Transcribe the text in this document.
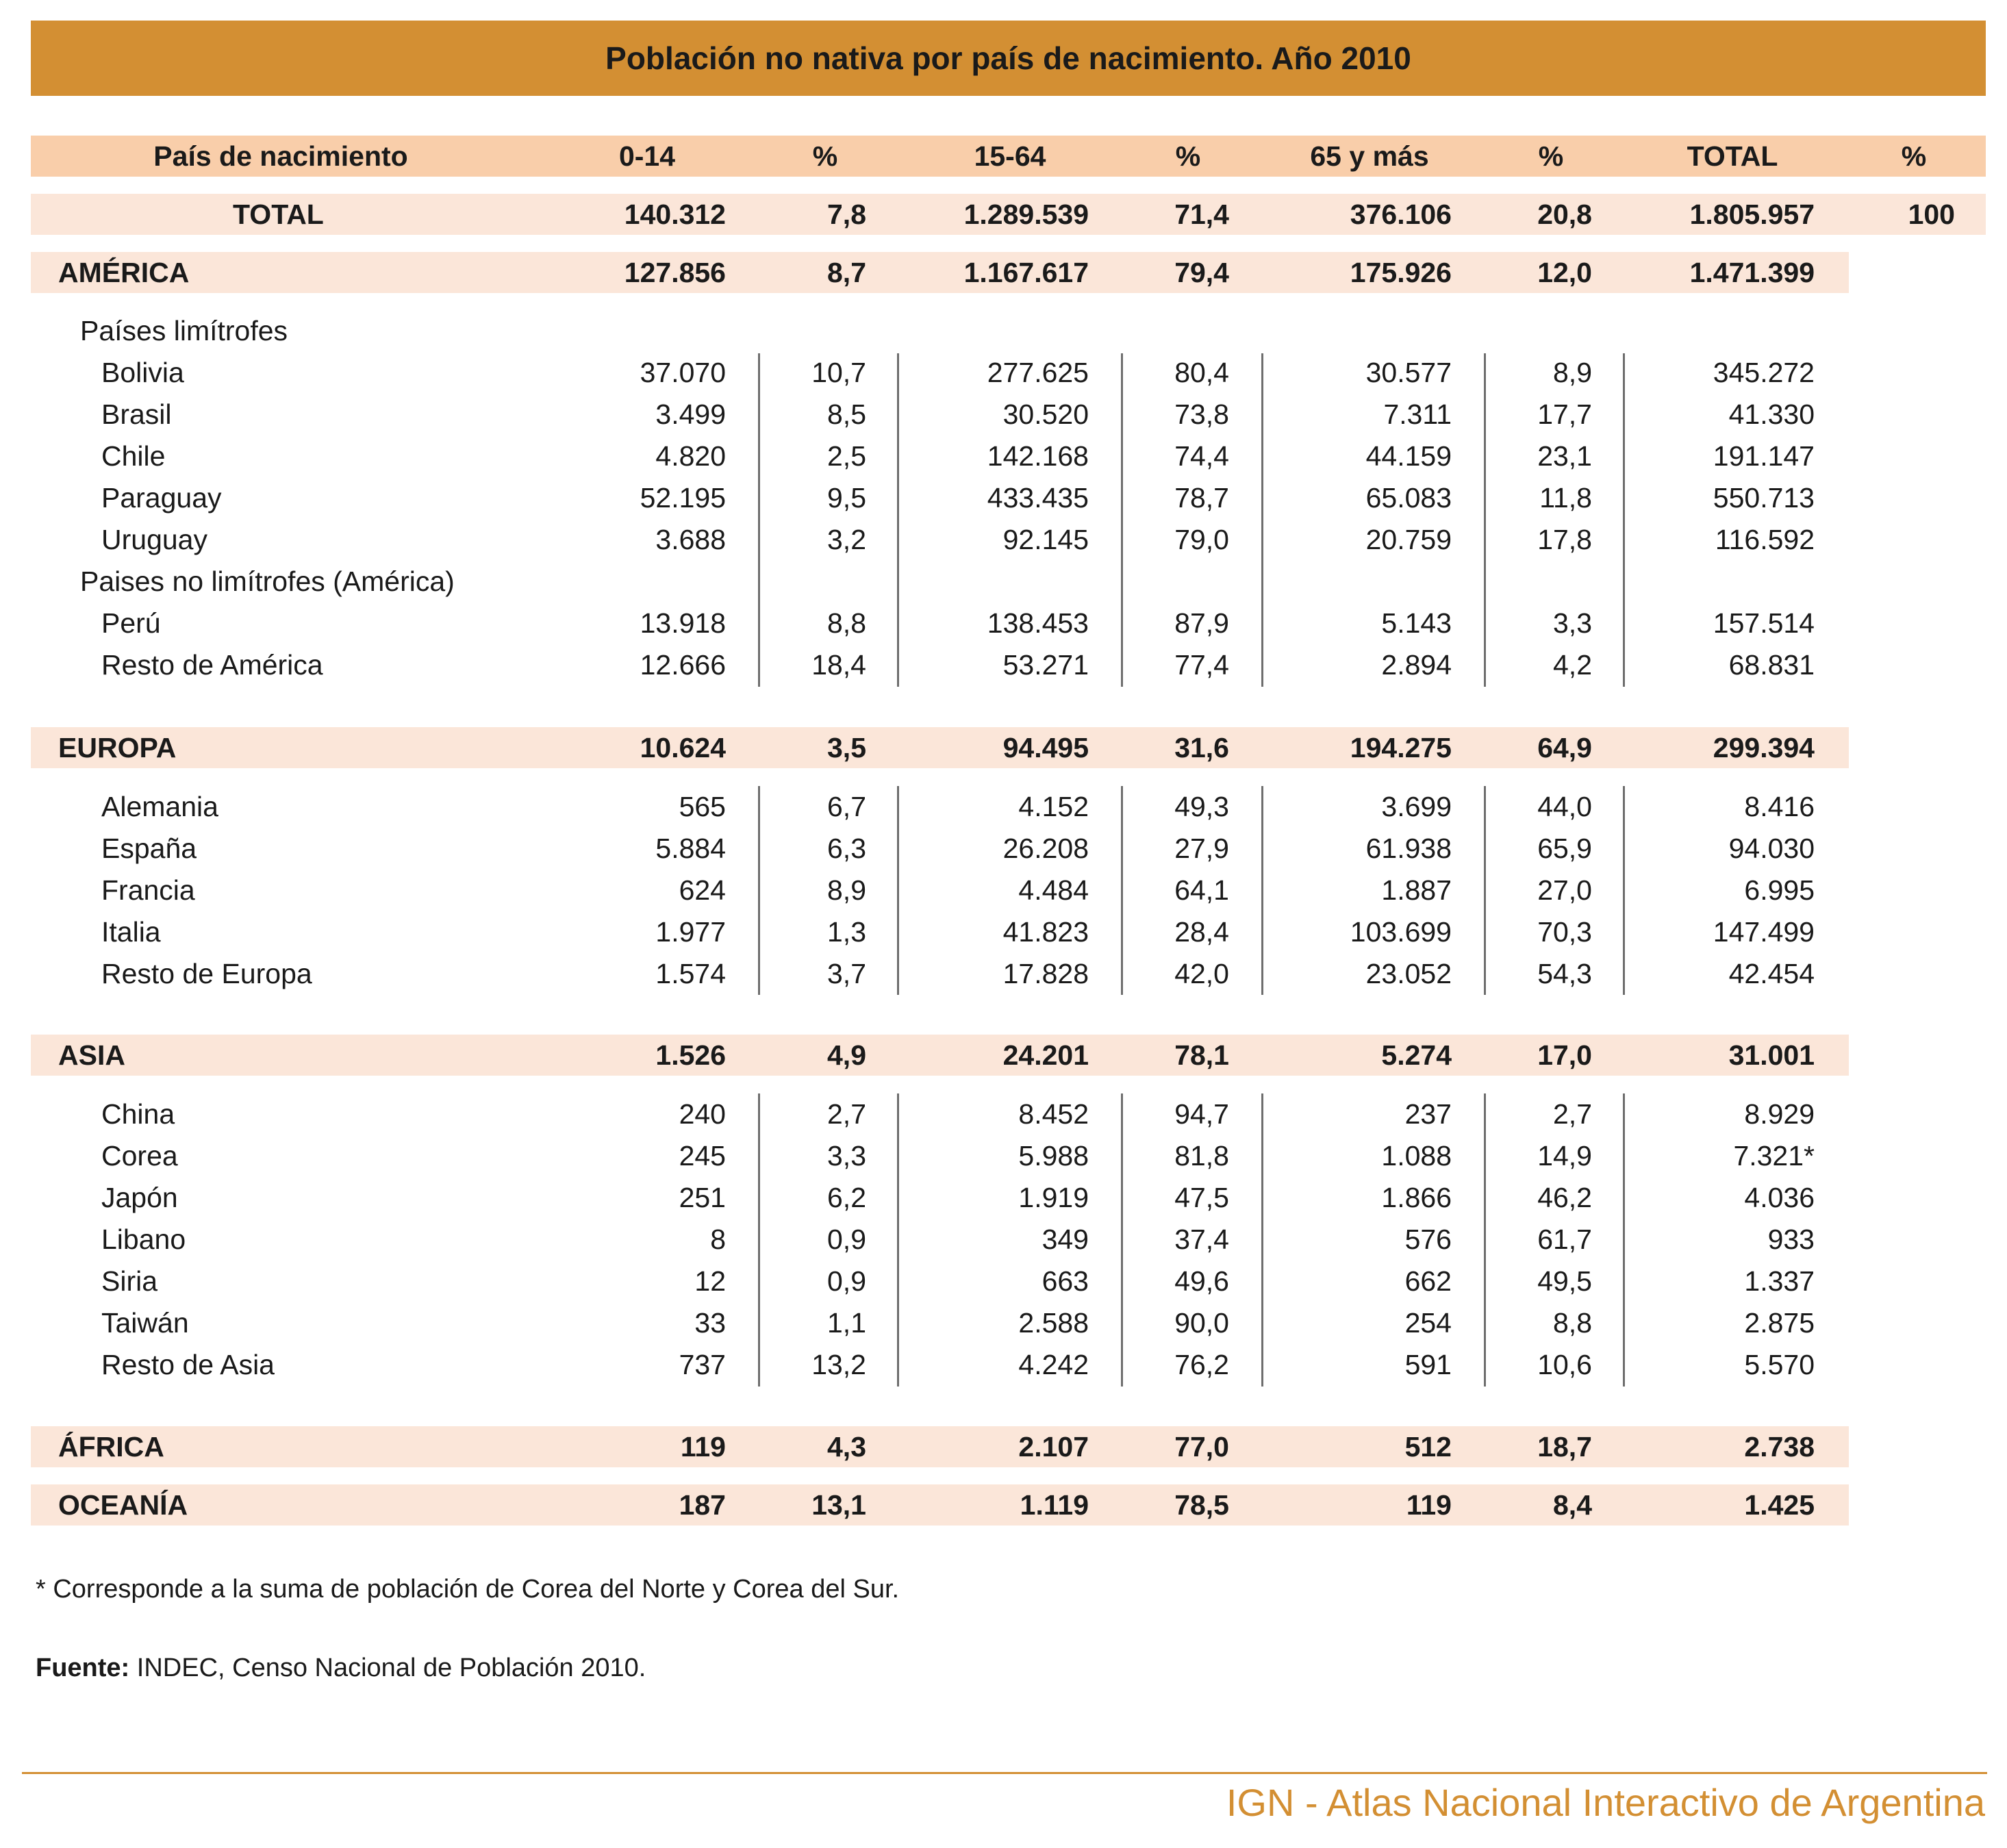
Población no nativa por país de nacimiento. Año 2010
País de nacimiento	0-14	%	15-64	%	65 y más	%	TOTAL	%
TOTAL	140.312	7,8	1.289.539	71,4	376.106	20,8	1.805.957	100
AMÉRICA	127.856	8,7	1.167.617	79,4	175.926	12,0	1.471.399
Países limítrofes
Bolivia	37.070	10,7	277.625	80,4	30.577	8,9	345.272
Brasil	3.499	8,5	30.520	73,8	7.311	17,7	41.330
Chile	4.820	2,5	142.168	74,4	44.159	23,1	191.147
Paraguay	52.195	9,5	433.435	78,7	65.083	11,8	550.713
Uruguay	3.688	3,2	92.145	79,0	20.759	17,8	116.592
Paises no limítrofes (América)
Perú	13.918	8,8	138.453	87,9	5.143	3,3	157.514
Resto de América	12.666	18,4	53.271	77,4	2.894	4,2	68.831
EUROPA	10.624	3,5	94.495	31,6	194.275	64,9	299.394
Alemania	565	6,7	4.152	49,3	3.699	44,0	8.416
España	5.884	6,3	26.208	27,9	61.938	65,9	94.030
Francia	624	8,9	4.484	64,1	1.887	27,0	6.995
Italia	1.977	1,3	41.823	28,4	103.699	70,3	147.499
Resto de Europa	1.574	3,7	17.828	42,0	23.052	54,3	42.454
ASIA	1.526	4,9	24.201	78,1	5.274	17,0	31.001
China	240	2,7	8.452	94,7	237	2,7	8.929
Corea	245	3,3	5.988	81,8	1.088	14,9	7.321*
Japón	251	6,2	1.919	47,5	1.866	46,2	4.036
Libano	8	0,9	349	37,4	576	61,7	933
Siria	12	0,9	663	49,6	662	49,5	1.337
Taiwán	33	1,1	2.588	90,0	254	8,8	2.875
Resto de Asia	737	13,2	4.242	76,2	591	10,6	5.570
ÁFRICA	119	4,3	2.107	77,0	512	18,7	2.738
OCEANÍA	187	13,1	1.119	78,5	119	8,4	1.425
* Corresponde a la suma de población de Corea del Norte y Corea del Sur.
Fuente: INDEC, Censo Nacional de Población 2010.
IGN - Atlas Nacional Interactivo de Argentina
